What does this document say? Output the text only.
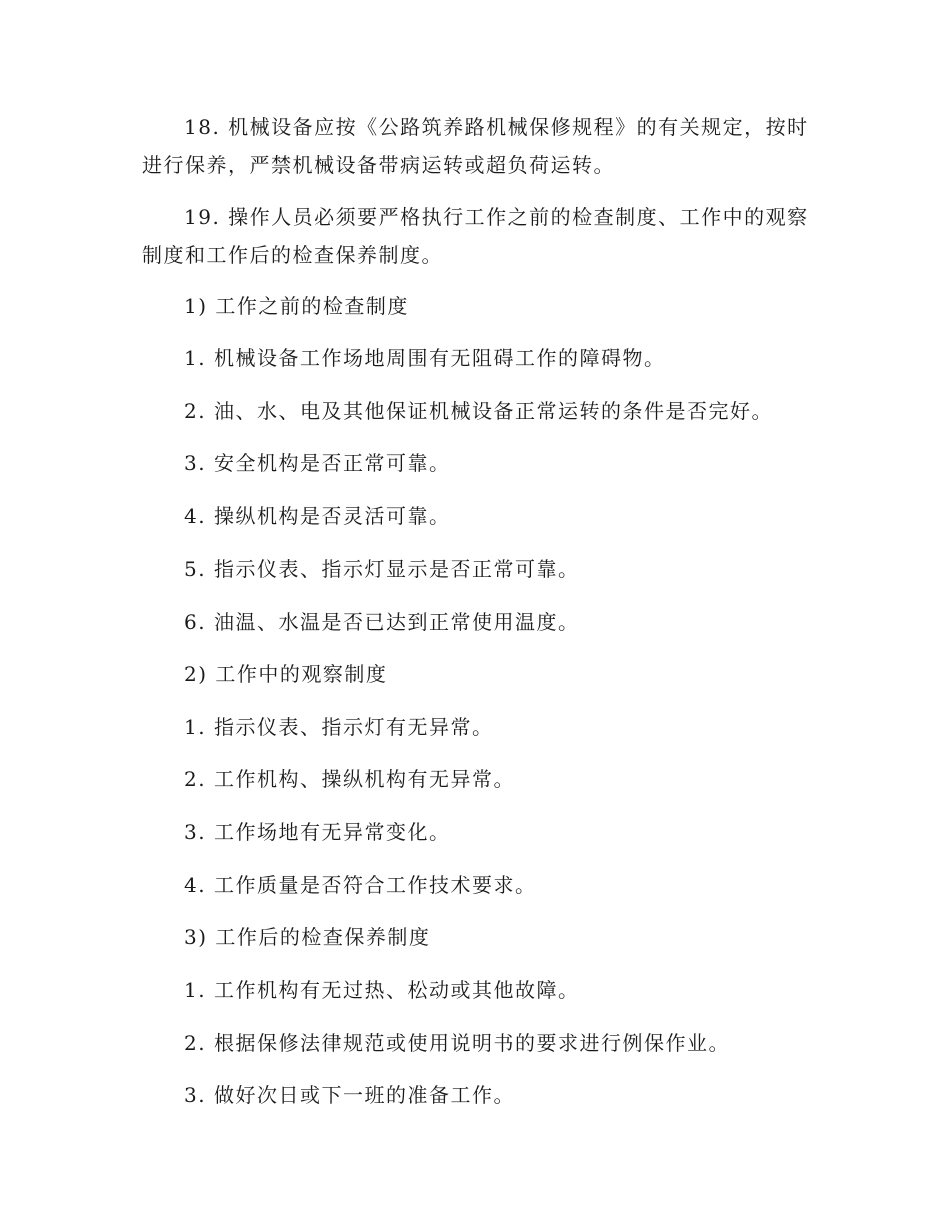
18. 机械设备应按《公路筑养路机械保修规程》的有关规定，按时进行保养，严禁机械设备带病运转或超负荷运转。

19. 操作人员必须要严格执行工作之前的检查制度、工作中的观察制度和工作后的检查保养制度。

1) 工作之前的检查制度

1. 机械设备工作场地周围有无阻碍工作的障碍物。

2. 油、水、电及其他保证机械设备正常运转的条件是否完好。

3. 安全机构是否正常可靠。

4. 操纵机构是否灵活可靠。

5. 指示仪表、指示灯显示是否正常可靠。

6. 油温、水温是否已达到正常使用温度。

2) 工作中的观察制度

1. 指示仪表、指示灯有无异常。

2. 工作机构、操纵机构有无异常。

3. 工作场地有无异常变化。

4. 工作质量是否符合工作技术要求。

3) 工作后的检查保养制度

1. 工作机构有无过热、松动或其他故障。

2. 根据保修法律规范或使用说明书的要求进行例保作业。

3. 做好次日或下一班的准备工作。
